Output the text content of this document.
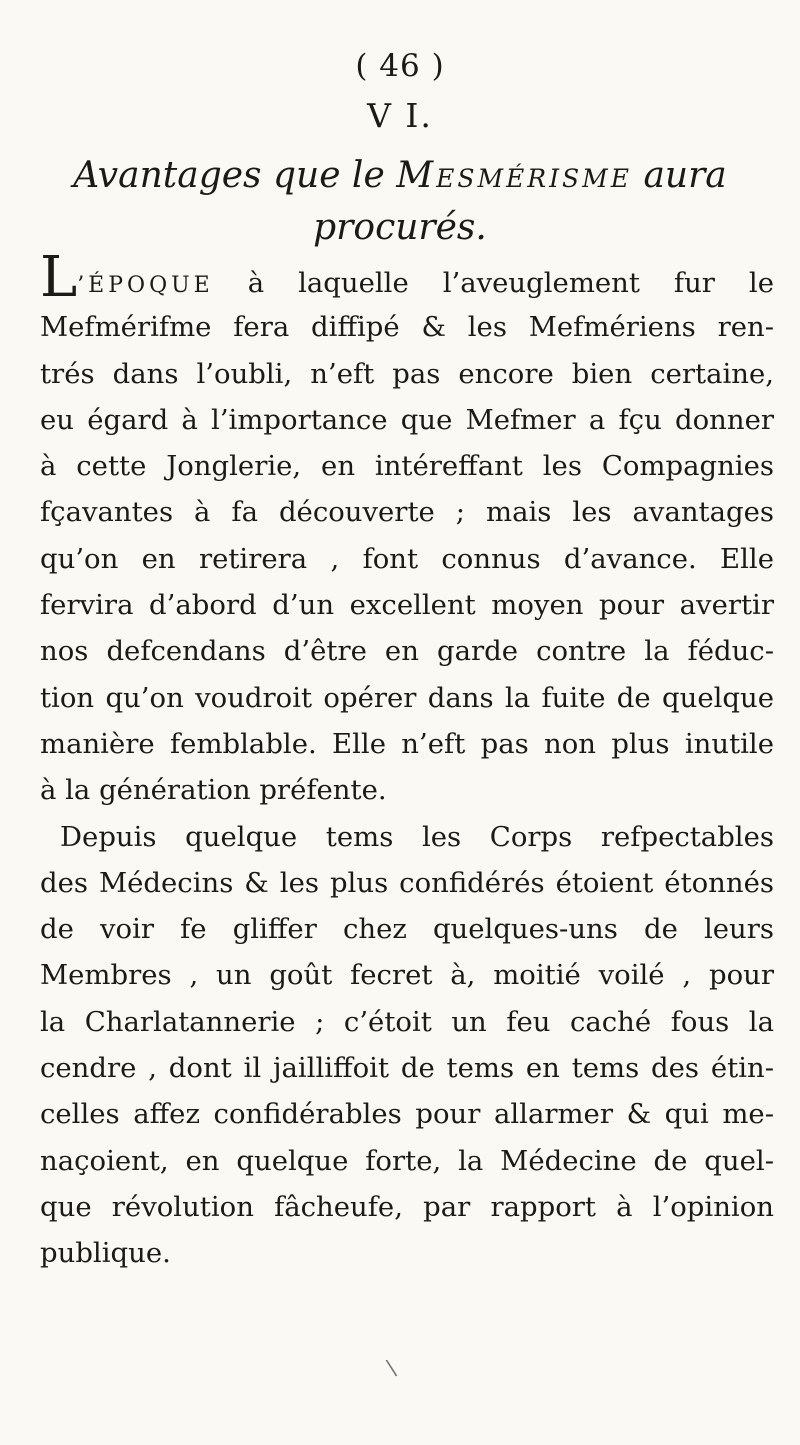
( 46 )
V I.
Avantages que le Mesmérisme aura
procurés.
L’ÉPOQUE à laquelle l’aveuglement fur le
Mefmérifme fera diffipé & les Mefmériens ren-
trés dans l’oubli, n’eft pas encore bien certaine,
eu égard à l’importance que Mefmer a fçu donner
à cette Jonglerie, en intéreffant les Compagnies
fçavantes à fa découverte ; mais les avantages
qu’on en retirera , font connus d’avance. Elle
fervira d’abord d’un excellent moyen pour avertir
nos defcendans d’être en garde contre la féduc-
tion qu’on voudroit opérer dans la fuite de quelque
manière femblable. Elle n’eft pas non plus inutile
à la génération préfente.
Depuis quelque tems les Corps refpectables
des Médecins & les plus confidérés étoient étonnés
de voir fe gliffer chez quelques-uns de leurs
Membres , un goût fecret à, moitié voilé , pour
la Charlatannerie ; c’étoit un feu caché fous la
cendre , dont il jailliffoit de tems en tems des étin-
celles affez confidérables pour allarmer & qui me-
naçoient, en quelque forte, la Médecine de quel-
que révolution fâcheufe, par rapport à l’opinion
publique.
\
